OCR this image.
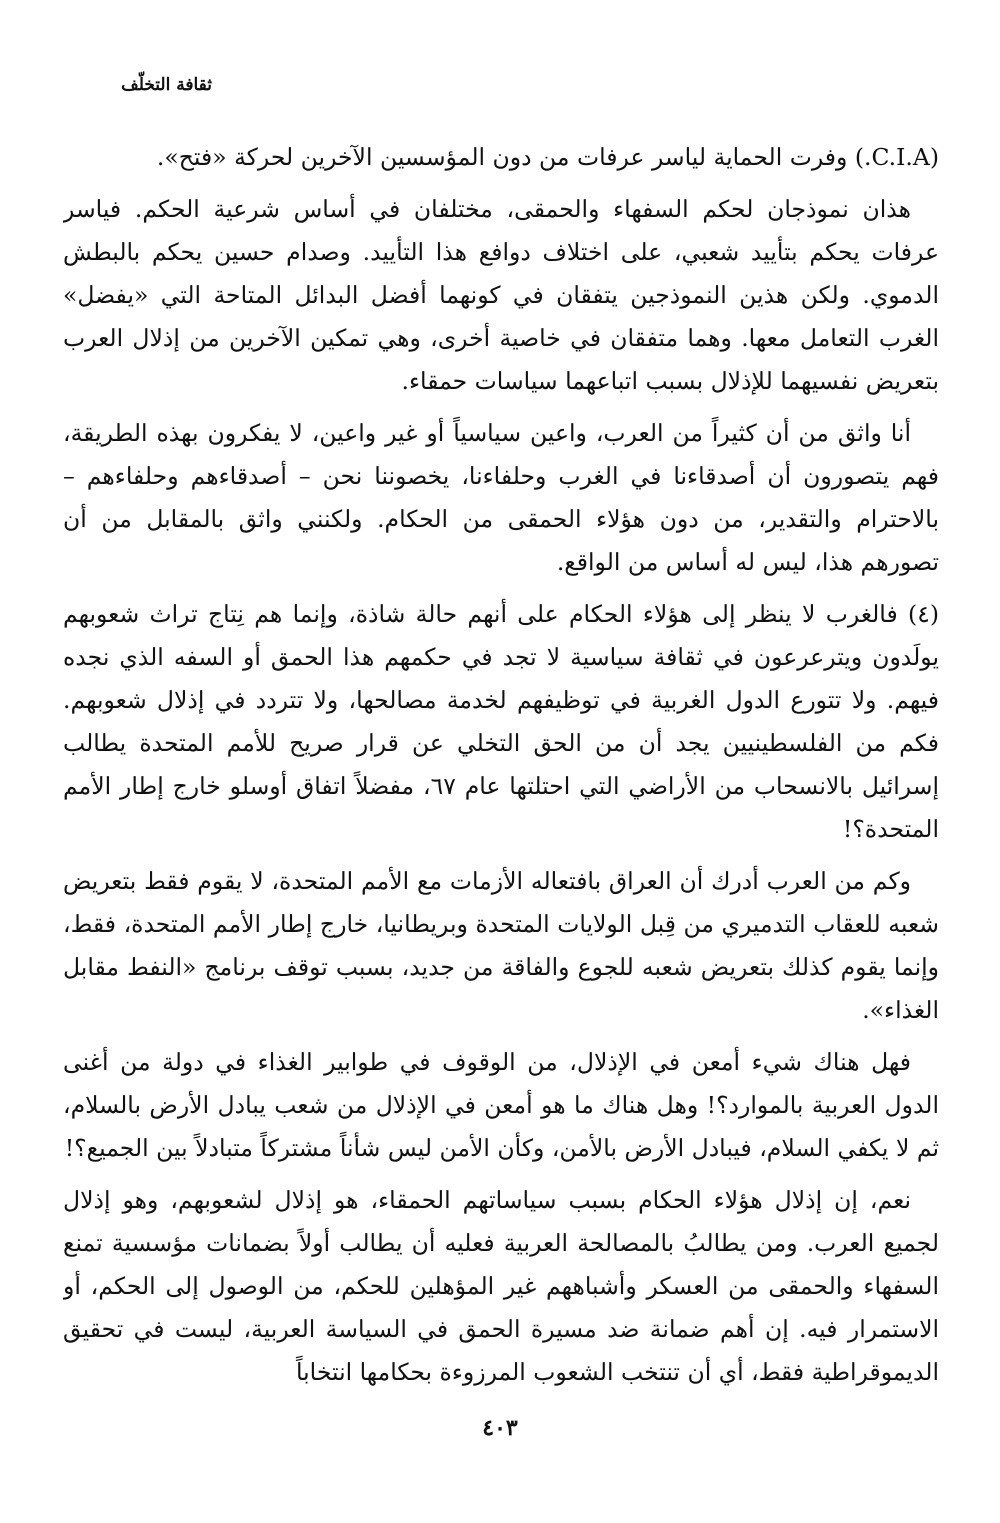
ثقافة التخلّف

(C.I.A.) وفرت الحماية لياسر عرفات من دون المؤسسين الآخرين لحركة «فتح».

هذان نموذجان لحكم السفهاء والحمقى، مختلفان في أساس شرعية الحكم. فياسر عرفات يحكم بتأييد شعبي، على اختلاف دوافع هذا التأييد. وصدام حسين يحكم بالبطش الدموي. ولكن هذين النموذجين يتفقان في كونهما أفضل البدائل المتاحة التي «يفضل» الغرب التعامل معها. وهما متفقان في خاصية أخرى، وهي تمكين الآخرين من إذلال العرب بتعريض نفسيهما للإذلال بسبب اتباعهما سياسات حمقاء.

أنا واثق من أن كثيراً من العرب، واعين سياسياً أو غير واعين، لا يفكرون بهذه الطريقة، فهم يتصورون أن أصدقاءنا في الغرب وحلفاءنا، يخصوننا نحن – أصدقاءهم وحلفاءهم – بالاحترام والتقدير، من دون هؤلاء الحمقى من الحكام. ولكنني واثق بالمقابل من أن تصورهم هذا، ليس له أساس من الواقع.

(٤) فالغرب لا ينظر إلى هؤلاء الحكام على أنهم حالة شاذة، وإنما هم نِتاج تراث شعوبهم يولَدون ويترعرعون في ثقافة سياسية لا تجد في حكمهم هذا الحمق أو السفه الذي نجده فيهم. ولا تتورع الدول الغربية في توظيفهم لخدمة مصالحها، ولا تتردد في إذلال شعوبهم. فكم من الفلسطينيين يجد أن من الحق التخلي عن قرار صريح للأمم المتحدة يطالب إسرائيل بالانسحاب من الأراضي التي احتلتها عام ٦٧، مفضلاً اتفاق أوسلو خارج إطار الأمم المتحدة؟!

وكم من العرب أدرك أن العراق بافتعاله الأزمات مع الأمم المتحدة، لا يقوم فقط بتعريض شعبه للعقاب التدميري من قِبل الولايات المتحدة وبريطانيا، خارج إطار الأمم المتحدة، فقط، وإنما يقوم كذلك بتعريض شعبه للجوع والفاقة من جديد، بسبب توقف برنامج «النفط مقابل الغذاء».

فهل هناك شيء أمعن في الإذلال، من الوقوف في طوابير الغذاء في دولة من أغنى الدول العربية بالموارد؟! وهل هناك ما هو أمعن في الإذلال من شعب يبادل الأرض بالسلام، ثم لا يكفي السلام، فيبادل الأرض بالأمن، وكأن الأمن ليس شأناً مشتركاً متبادلاً بين الجميع؟!

نعم، إن إذلال هؤلاء الحكام بسبب سياساتهم الحمقاء، هو إذلال لشعوبهم، وهو إذلال لجميع العرب. ومن يطالبُ بالمصالحة العربية فعليه أن يطالب أولاً بضمانات مؤسسية تمنع السفهاء والحمقى من العسكر وأشباههم غير المؤهلين للحكم، من الوصول إلى الحكم، أو الاستمرار فيه. إن أهم ضمانة ضد مسيرة الحمق في السياسة العربية، ليست في تحقيق الديموقراطية فقط، أي أن تنتخب الشعوب المرزوءة بحكامها انتخاباً

٤٠٣
